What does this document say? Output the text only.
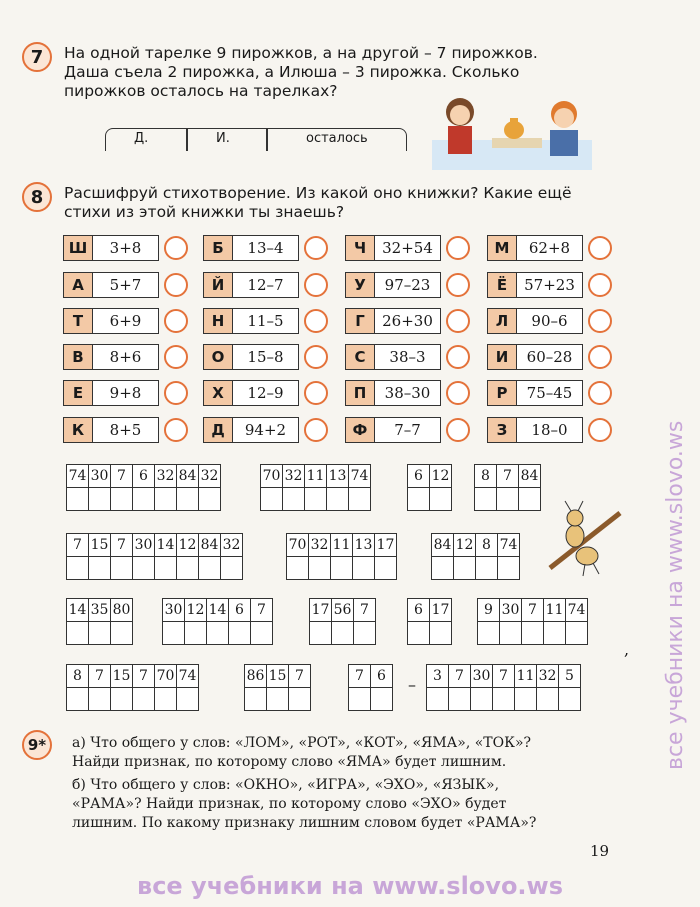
7	На одной тарелке 9 пирожков, а на другой – 7 пирожков.
Даша съела 2 пирожка, а Илюша – 3 пирожка. Сколько
пирожков осталось на тарелках?
Д.	И.	осталось
8	Расшифруй стихотворение. Из какой оно книжки? Какие ещё
стихи из этой книжки ты знаешь?
Ш	3+8	Б	13–4	Ч	32+54	М	62+8
А	5+7	Й	12–7	У	97–23	Ё	57+23
Т	6+9	Н	11–5	Г	26+30	Л	90–6
В	8+6	О	15–8	С	38–3	И	60–28
Е	9+8	Х	12–9	П	38–30	Р	75–45
К	8+5	Д	94+2	Ф	7–7	З	18–0
74	30	7	6	32	84	32
							70	32	11	13	74
					6	12
	8	7	84

7	15	7	30	14	12	84	32
								70	32	11	13	17
					84	12	8	74

14	35	80
		30	12	14	6	7
					17	56	7
			6	17
	9	30	7	11	74

8	7	15	7	70	74
						86	15	7
			7	6
		3	7	30	7	11	32	5

–
,
9*	а) Что общего у слов: «ЛОМ», «РОТ», «КОТ», «ЯМА», «ТОК»?
Найди признак, по которому слово «ЯМА» будет лишним.
б) Что общего у слов: «ОКНО», «ИГРА», «ЭХО», «ЯЗЫК»,
«РАМА»? Найди признак, по которому слово «ЭХО» будет
лишним. По какому признаку лишним словом будет «РАМА»?
19
все учебники на www.slovo.ws
все учебники на www.slovo.ws
